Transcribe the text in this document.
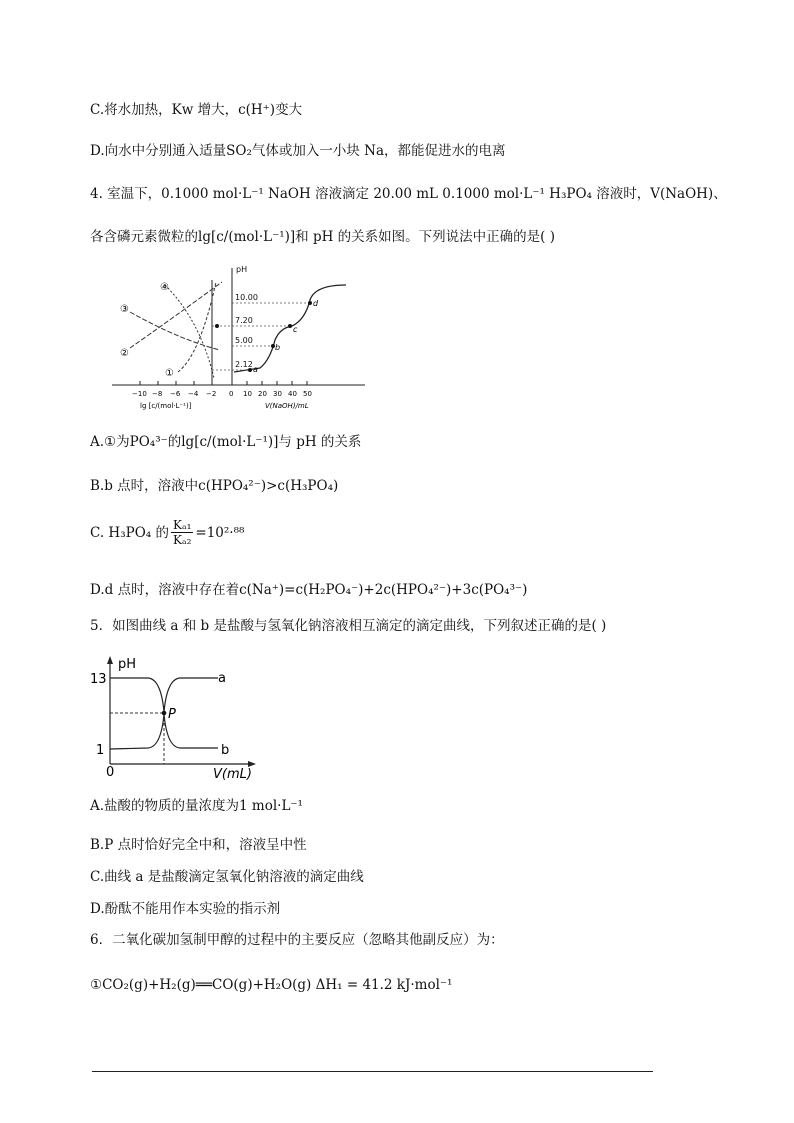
C.将水加热，Kw 增大，c(H⁺)变大
D.向水中分别通入适量SO₂气体或加入一小块 Na，都能促进水的电离
4. 室温下，0.1000 mol·L⁻¹ NaOH 溶液滴定 20.00 mL 0.1000 mol·L⁻¹ H₃PO₄ 溶液时，V(NaOH)、
各含磷元素微粒的lg[c/(mol·L⁻¹)]和 pH 的关系如图。下列说法中正确的是( )
10.00
7.20
5.00
2.12
pH
a
b
c
d
④
③
②
①
−10 −8 −6 −4 −2 0 10 20 30 40 50
lg [c/(mol·L⁻¹)]	V(NaOH)/mL
A.①为PO₄³⁻的lg[c/(mol·L⁻¹)]与 pH 的关系
B.b 点时，溶液中c(HPO₄²⁻)>c(H₃PO₄)
C. H₃PO₄ 的 $\frac{\text{Kₐ₁}}{\text{Kₐ₂}} =10^2\cdot^{88}$
D.d 点时，溶液中存在着c(Na⁺)=c(H₂PO₄⁻)+2c(HPO₄²⁻)+3c(PO₄³⁻)
5．如图曲线 a 和 b 是盐酸与氢氧化钠溶液相互滴定的滴定曲线，下列叙述正确的是( )
pH
13
1
0	V(mL)
P
a
b
A.盐酸的物质的量浓度为1 mol·L⁻¹
B.P 点时恰好完全中和，溶液呈中性
C.曲线 a 是盐酸滴定氢氧化钠溶液的滴定曲线
D.酚酞不能用作本实验的指示剂
6．二氧化碳加氢制甲醇的过程中的主要反应（忽略其他副反应）为：
①CO₂(g)+H₂(g)══CO(g)+H₂O(g) ΔH₁ = 41.2 kJ·mol⁻¹
